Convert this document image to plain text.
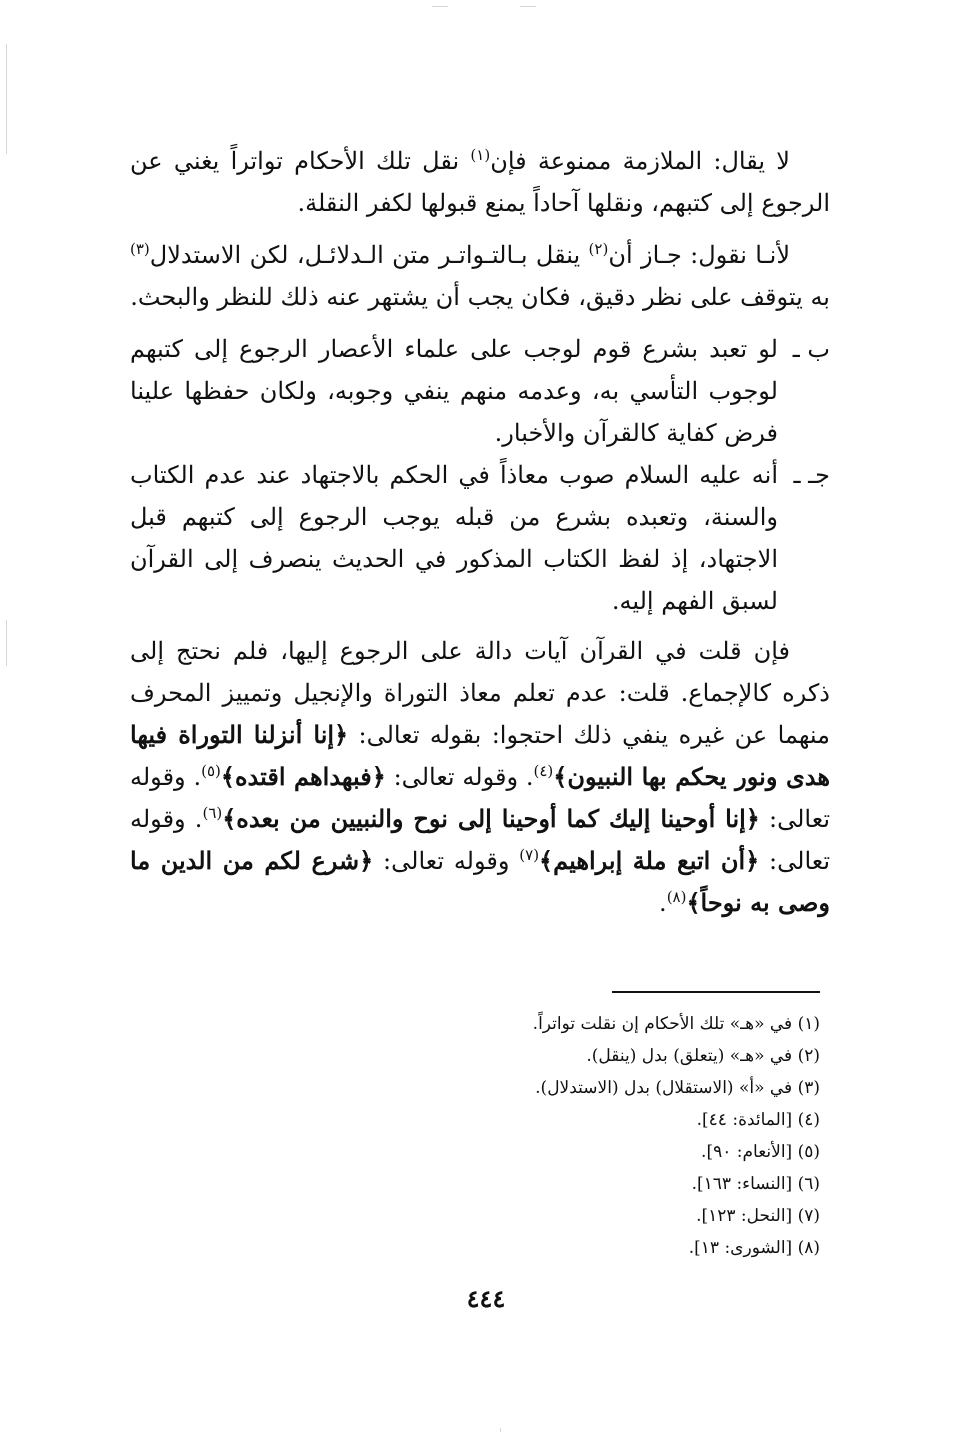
لا يقال: الملازمة ممنوعة فإن$^{(١)}$ نقل تلك الأحكام تواتراً يغني عن الرجوع إلى كتبهم، ونقلها آحاداً يمنع قبولها لكفر النقلة.

لأنـا نقول: جـاز أن$^{(٢)}$ ينقل بـالتـواتـر متن الـدلائـل، لكن الاستدلال$^{(٣)}$ به يتوقف على نظر دقيق، فكان يجب أن يشتهر عنه ذلك للنظر والبحث.

ب ـ
لو تعبد بشرع قوم لوجب على علماء الأعصار الرجوع إلى كتبهم لوجوب التأسي به، وعدمه منهم ينفي وجوبه، ولكان حفظها علينا فرض كفاية كالقرآن والأخبار.
جـ ـ
أنه عليه السلام صوب معاذاً في الحكم بالاجتهاد عند عدم الكتاب والسنة، وتعبده بشرع من قبله يوجب الرجوع إلى كتبهم قبل الاجتهاد، إذ لفظ الكتاب المذكور في الحديث ينصرف إلى القرآن لسبق الفهم إليه.

فإن قلت في القرآن آيات دالة على الرجوع إليها، فلم نحتج إلى ذكره كالإجماع. قلت: عدم تعلم معاذ التوراة والإنجيل وتمييز المحرف منهما عن غيره ينفي ذلك احتجوا: بقوله تعالى: ﴿إنا أنزلنا التوراة فيها هدى ونور يحكم بها النبيون﴾$^{(٤)}$. وقوله تعالى: ﴿فبهداهم اقتده﴾$^{(٥)}$. وقوله تعالى: ﴿إنا أوحينا إليك كما أوحينا إلى نوح والنبيين من بعده﴾$^{(٦)}$. وقوله تعالى: ﴿أن اتبع ملة إبراهيم﴾$^{(٧)}$ وقوله تعالى: ﴿شرع لكم من الدين ما وصى به نوحاً﴾$^{(٨)}$.

(١) في «هـ» تلك الأحكام إن نقلت تواتراً.
(٢) في «هـ» (يتعلق) بدل (ينقل).
(٣) في «أ» (الاستقلال) بدل (الاستدلال).
(٤) [المائدة: ٤٤].
(٥) [الأنعام: ٩٠].
(٦) [النساء: ١٦٣].
(٧) [النحل: ١٢٣].
(٨) [الشورى: ١٣].
٤٤٤
